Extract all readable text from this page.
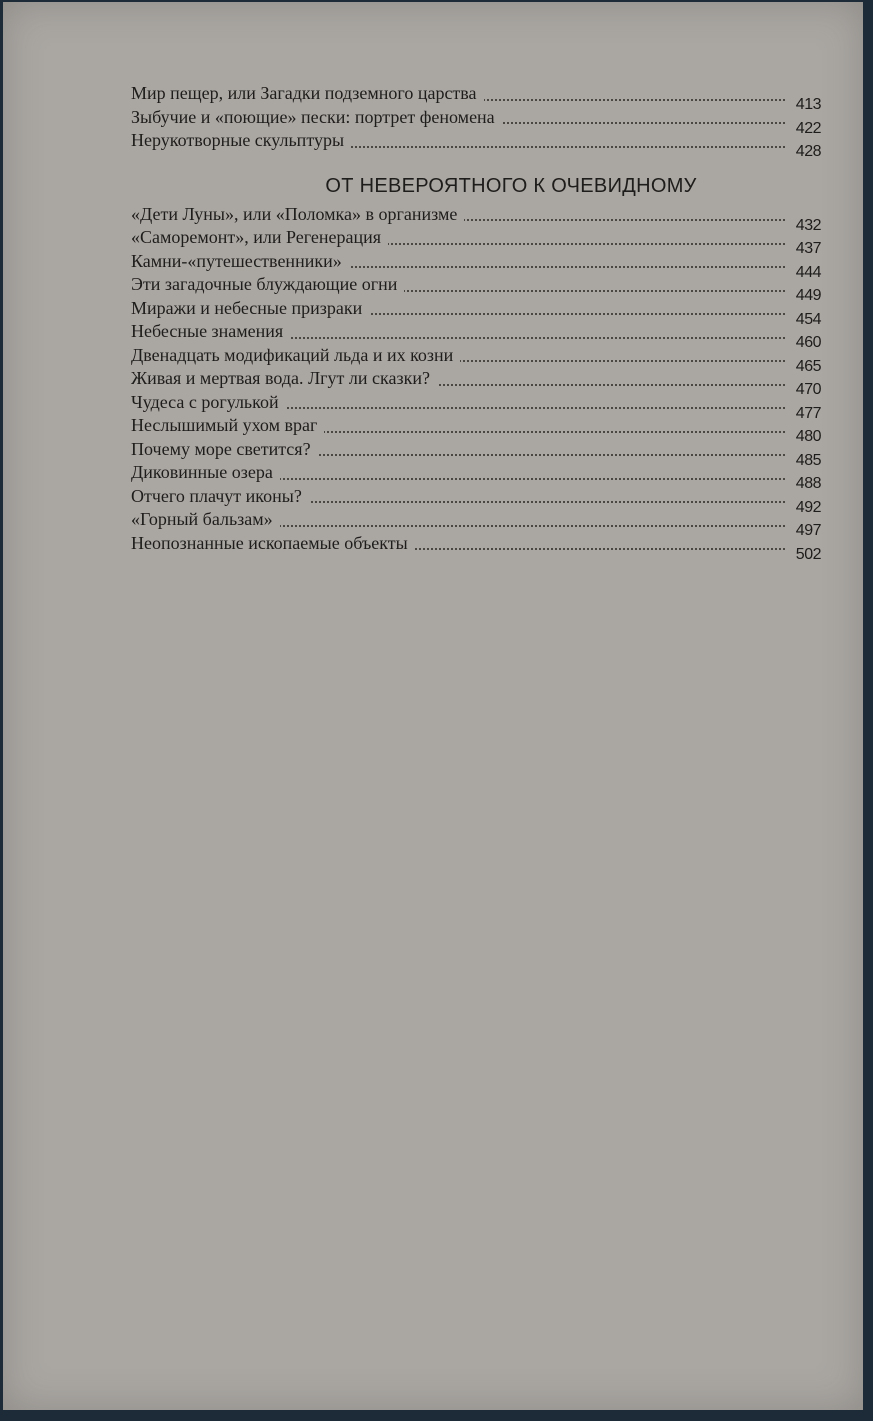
Мир пещер, или Загадки подземного царства
413
Зыбучие и «поющие» пески: портрет феномена
422
Нерукотворные скульптуры
428
ОТ НЕВЕРОЯТНОГО К ОЧЕВИДНОМУ
«Дети Луны», или «Поломка» в организме
432
«Саморемонт», или Регенерация
437
Камни-«путешественники»
444
Эти загадочные блуждающие огни
449
Миражи и небесные призраки
454
Небесные знамения
460
Двенадцать модификаций льда и их козни
465
Живая и мертвая вода. Лгут ли сказки?
470
Чудеса с рогулькой
477
Неслышимый ухом враг
480
Почему море светится?
485
Диковинные озера
488
Отчего плачут иконы?
492
«Горный бальзам»
497
Неопознанные ископаемые объекты
502
